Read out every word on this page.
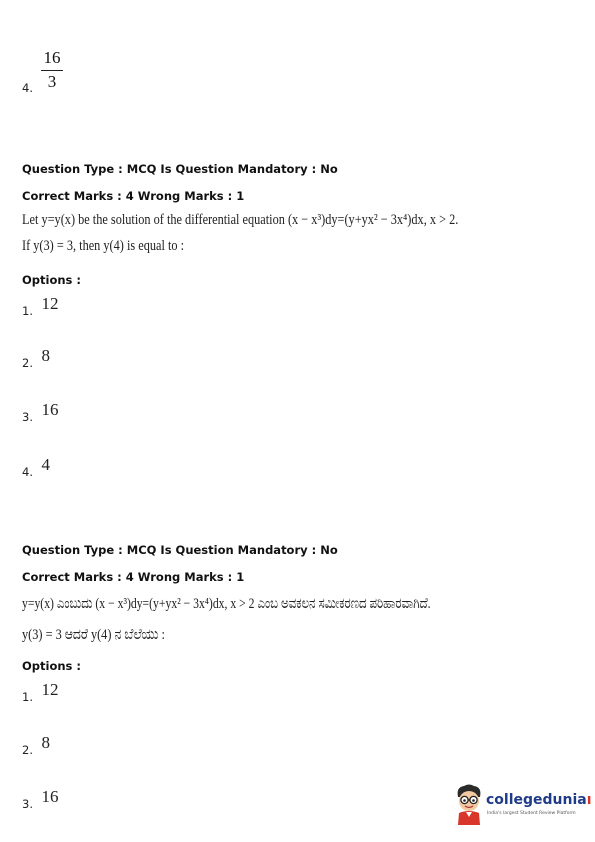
16
3
4.
Question Type : MCQ Is Question Mandatory : No
Correct Marks : 4 Wrong Marks : 1
Let y=y(x) be the solution of the differential equation (x − x³)dy=(y+yx² − 3x⁴)dx, x > 2.
If y(3) = 3, then y(4) is equal to :
Options :
$_{1.}$ 12
$_{2.}$ 8
$_{3.}$ 16
$_{4.}$ 4
Question Type : MCQ Is Question Mandatory : No
Correct Marks : 4 Wrong Marks : 1
y=y(x) ಎಂಬುದು (x − x³)dy=(y+yx² − 3x⁴)dx, x > 2 ಎಂಬ ಅವಕಲನ ಸಮೀಕರಣದ ಪರಿಹಾರವಾಗಿದೆ.
y(3) = 3 ಆದರೆ y(4) ನ ಬೆಲೆಯು :
Options :
$_{1.}$ 12
$_{2.}$ 8
$_{3.}$ 16	collegeduniaı
India's largest Student Review Platform
